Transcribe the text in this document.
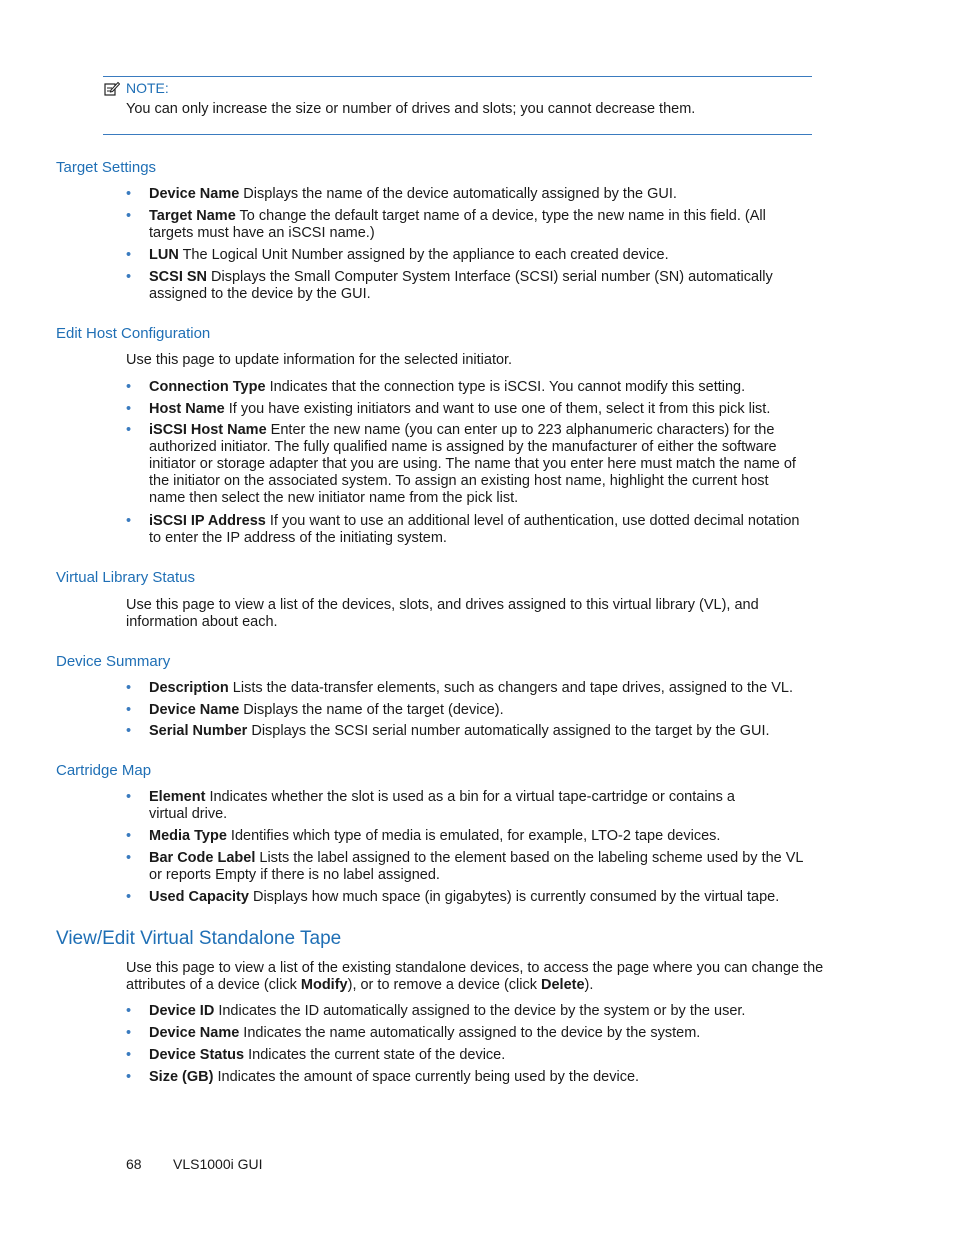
NOTE:
You can only increase the size or number of drives and slots; you cannot decrease them.
Target Settings
• Device Name Displays the name of the device automatically assigned by the GUI.
• Target Name To change the default target name of a device, type the new name in this field. (All targets must have an iSCSI name.)
• LUN The Logical Unit Number assigned by the appliance to each created device.
• SCSI SN Displays the Small Computer System Interface (SCSI) serial number (SN) automatically assigned to the device by the GUI.
Edit Host Configuration
Use this page to update information for the selected initiator.
• Connection Type Indicates that the connection type is iSCSI. You cannot modify this setting.
• Host Name If you have existing initiators and want to use one of them, select it from this pick list.
• iSCSI Host Name Enter the new name (you can enter up to 223 alphanumeric characters) for the authorized initiator. The fully qualified name is assigned by the manufacturer of either the software initiator or storage adapter that you are using. The name that you enter here must match the name of the initiator on the associated system. To assign an existing host name, highlight the current host name then select the new initiator name from the pick list.
• iSCSI IP Address If you want to use an additional level of authentication, use dotted decimal notation to enter the IP address of the initiating system.
Virtual Library Status
Use this page to view a list of the devices, slots, and drives assigned to this virtual library (VL), and information about each.
Device Summary
• Description Lists the data-transfer elements, such as changers and tape drives, assigned to the VL.
• Device Name Displays the name of the target (device).
• Serial Number Displays the SCSI serial number automatically assigned to the target by the GUI.
Cartridge Map
• Element Indicates whether the slot is used as a bin for a virtual tape-cartridge or contains a virtual drive.
• Media Type Identifies which type of media is emulated, for example, LTO-2 tape devices.
• Bar Code Label Lists the label assigned to the element based on the labeling scheme used by the VL or reports Empty if there is no label assigned.
• Used Capacity Displays how much space (in gigabytes) is currently consumed by the virtual tape.
View/Edit Virtual Standalone Tape
Use this page to view a list of the existing standalone devices, to access the page where you can change the attributes of a device (click Modify), or to remove a device (click Delete).
• Device ID Indicates the ID automatically assigned to the device by the system or by the user.
• Device Name Indicates the name automatically assigned to the device by the system.
• Device Status Indicates the current state of the device.
• Size (GB) Indicates the amount of space currently being used by the device.
68 VLS1000i GUI
